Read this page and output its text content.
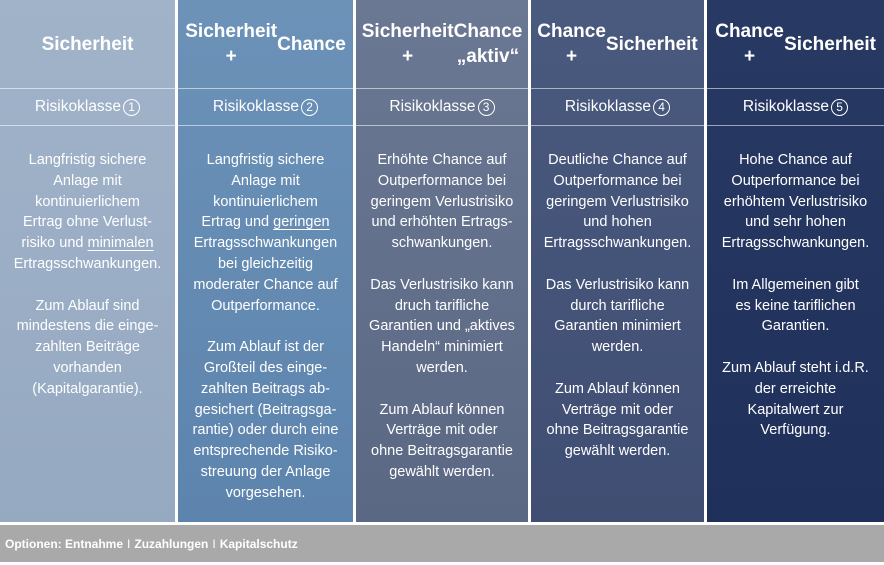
Sicherheit
Risikoklasse 1

Langfristig sichere
Anlage mit
kontinuierlichem
Ertrag ohne Verlust-
risiko und minimalen
Ertragsschwankungen.

Zum Ablauf sind
mindestens die einge-
zahlten Beiträge
vorhanden
(Kapitalgarantie).

Sicherheit +

Chance
Risikoklasse 2

Langfristig sichere
Anlage mit
kontinuierlichem
Ertrag und geringen
Ertragsschwankungen
bei gleichzeitig
moderater Chance auf
Outperformance.

Zum Ablauf ist der
Großteil des einge-
zahlten Beitrags ab-
gesichert (Beitragsga-
rantie) oder durch eine
entsprechende Risiko-
streuung der Anlage
vorgesehen.

Sicherheit +

Chance „aktiv“
Risikoklasse 3

Erhöhte Chance auf
Outperformance bei
geringem Verlustrisiko
und erhöhten Ertrags-
schwankungen.

Das Verlustrisiko kann
druch tarifliche
Garantien und „aktives
Handeln“ minimiert
werden.

Zum Ablauf können
Verträge mit oder
ohne Beitragsgarantie
gewählt werden.

Chance +

Sicherheit
Risikoklasse 4

Deutliche Chance auf
Outperformance bei
geringem Verlustrisiko
und hohen
Ertragsschwankungen.

Das Verlustrisiko kann
durch tarifliche
Garantien minimiert
werden.

Zum Ablauf können
Verträge mit oder
ohne Beitragsgarantie
gewählt werden.

Chance +

Sicherheit
Risikoklasse 5

Hohe Chance auf
Outperformance bei
erhöhtem Verlustrisiko
und sehr hohen
Ertragsschwankungen.

Im Allgemeinen gibt
es keine tariflichen
Garantien.

Zum Ablauf steht i.d.R.
der erreichte
Kapitalwert zur
Verfügung.

Optionen:
Entnahme I Zuzahlungen I Kapitalschutz
